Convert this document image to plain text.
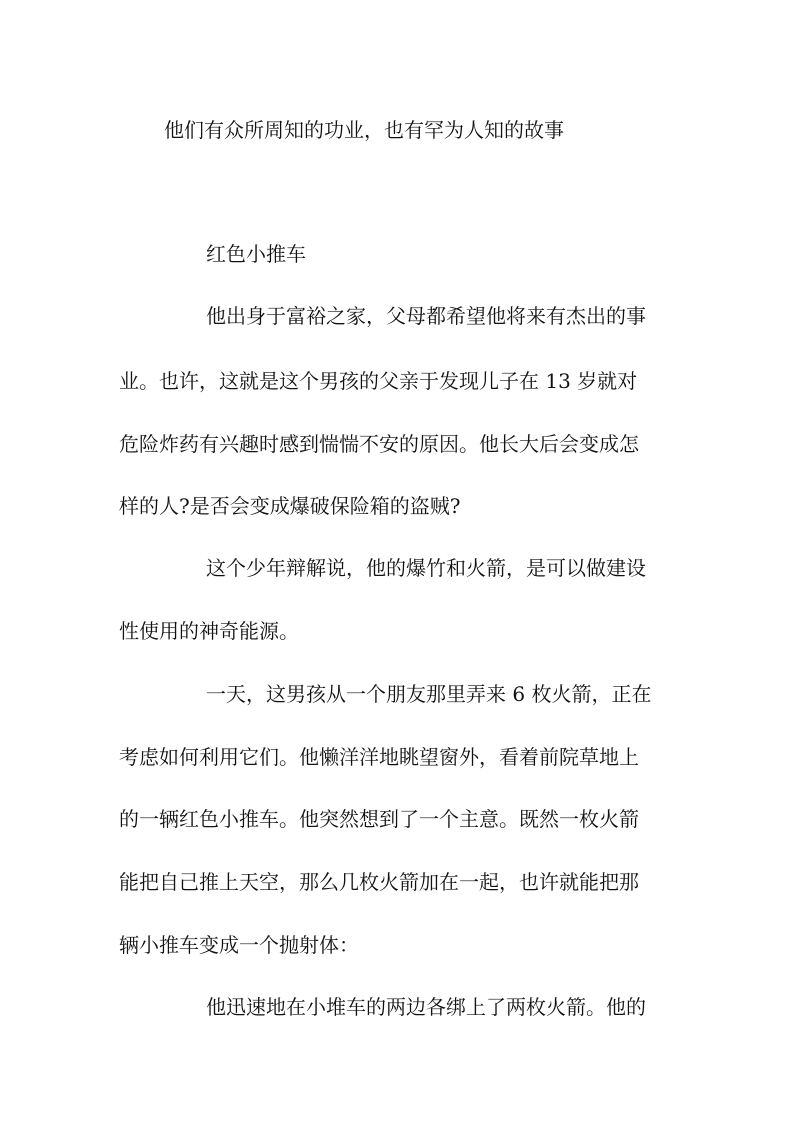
他们有众所周知的功业，也有罕为人知的故事
红色小推车
他出身于富裕之家，父母都希望他将来有杰出的事
业。也许，这就是这个男孩的父亲于发现儿子在 13 岁就对
危险炸药有兴趣时感到惴惴不安的原因。他长大后会变成怎
样的人?是否会变成爆破保险箱的盗贼?
这个少年辩解说，他的爆竹和火箭，是可以做建设
性使用的神奇能源。
一天，这男孩从一个朋友那里弄来 6 枚火箭，正在
考虑如何利用它们。他懒洋洋地眺望窗外，看着前院草地上
的一辆红色小推车。他突然想到了一个主意。既然一枚火箭
能把自己推上天空，那么几枚火箭加在一起，也许就能把那
辆小推车变成一个抛射体：
他迅速地在小堆车的两边各绑上了两枚火箭。他的
